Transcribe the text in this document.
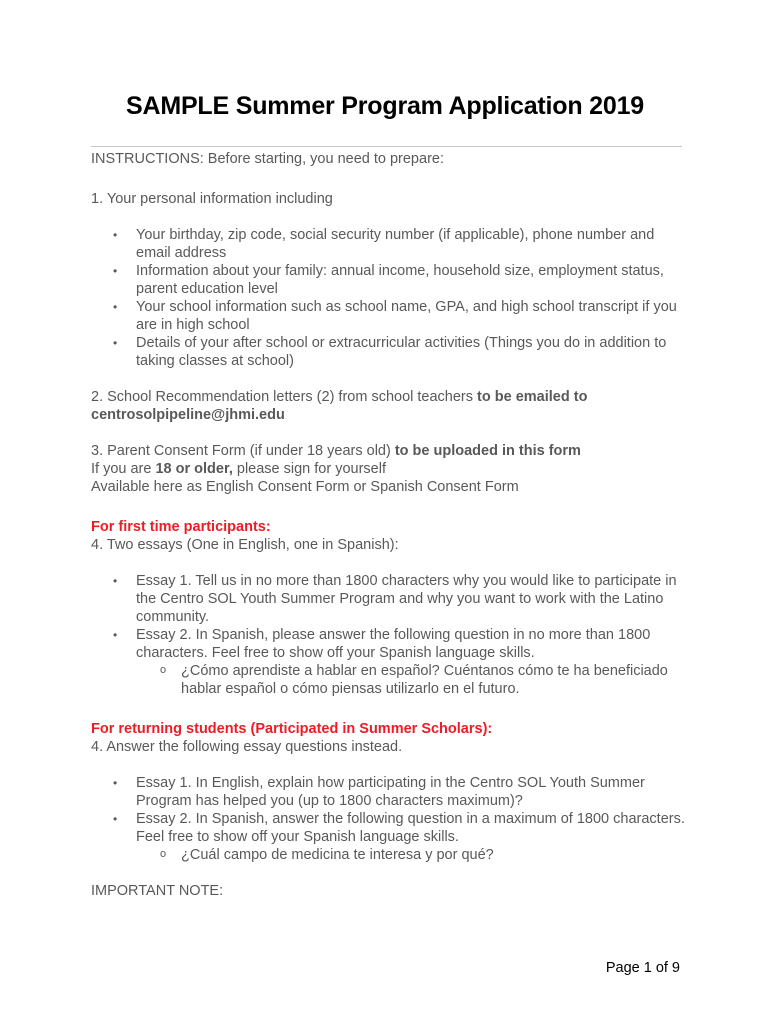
SAMPLE Summer Program Application 2019

INSTRUCTIONS: Before starting, you need to prepare:

1. Your personal information including

• Your birthday, zip code, social security number (if applicable), phone number and email address
• Information about your family: annual income, household size, employment status, parent education level
• Your school information such as school name, GPA, and high school transcript if you are in high school
• Details of your after school or extracurricular activities (Things you do in addition to taking classes at school)

2. School Recommendation letters (2) from school teachers to be emailed to centrosolpipeline@jhmi.edu

3. Parent Consent Form (if under 18 years old) to be uploaded in this form
If you are 18 or older, please sign for yourself
Available here as English Consent Form or Spanish Consent Form

For first time participants:

4. Two essays (One in English, one in Spanish):

• Essay 1. Tell us in no more than 1800 characters why you would like to participate in the Centro SOL Youth Summer Program and why you want to work with the Latino community.
• Essay 2. In Spanish, please answer the following question in no more than 1800 characters. Feel free to show off your Spanish language skills.
o ¿Cómo aprendiste a hablar en español? Cuéntanos cómo te ha beneficiado hablar español o cómo piensas utilizarlo en el futuro.

For returning students (Participated in Summer Scholars):

4. Answer the following essay questions instead.

• Essay 1. In English, explain how participating in the Centro SOL Youth Summer Program has helped you (up to 1800 characters maximum)?
• Essay 2. In Spanish, answer the following question in a maximum of 1800 characters. Feel free to show off your Spanish language skills.
o ¿Cuál campo de medicina te interesa y por qué?

IMPORTANT NOTE:

Page 1 of 9
